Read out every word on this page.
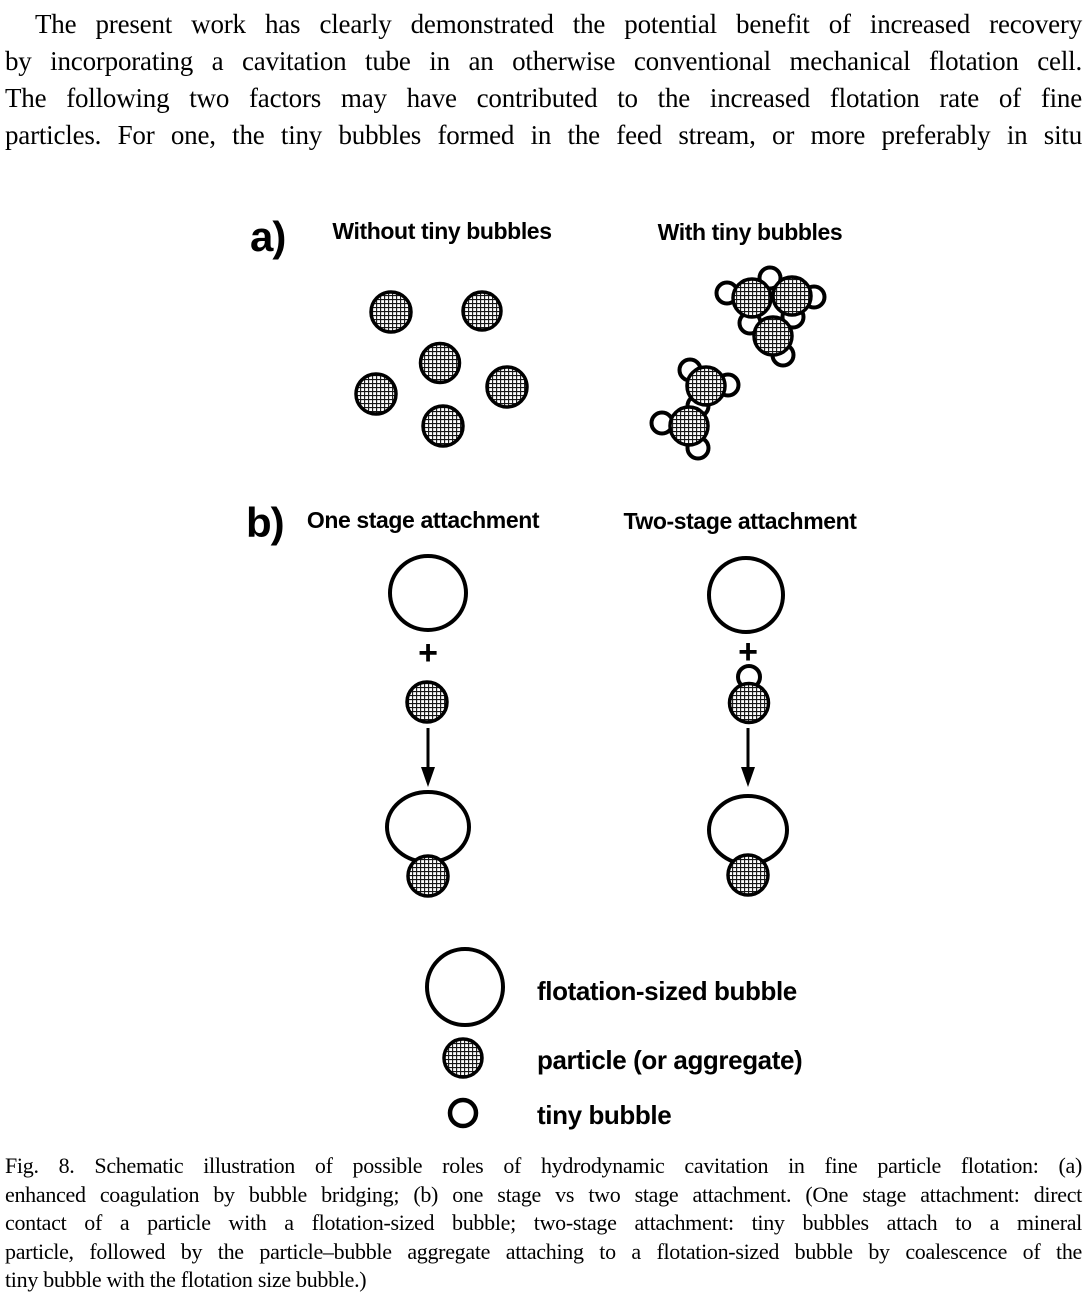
The present work has clearly demonstrated the potential benefit of increased recovery
by incorporating a cavitation tube in an otherwise conventional mechanical flotation cell.
The following two factors may have contributed to the increased flotation rate of fine
particles. For one, the tiny bubbles formed in the feed stream, or more preferably in situ
a)	Without tiny bubbles	With tiny bubbles
b)	One stage attachment	Two-stage attachment
+	+
flotation-sized bubble
particle (or aggregate)
tiny bubble
Fig. 8. Schematic illustration of possible roles of hydrodynamic cavitation in fine particle flotation: (a)
enhanced coagulation by bubble bridging; (b) one stage vs two stage attachment. (One stage attachment: direct
contact of a particle with a flotation-sized bubble; two-stage attachment: tiny bubbles attach to a mineral
particle, followed by the particle–bubble aggregate attaching to a flotation-sized bubble by coalescence of the
tiny bubble with the flotation size bubble.)
